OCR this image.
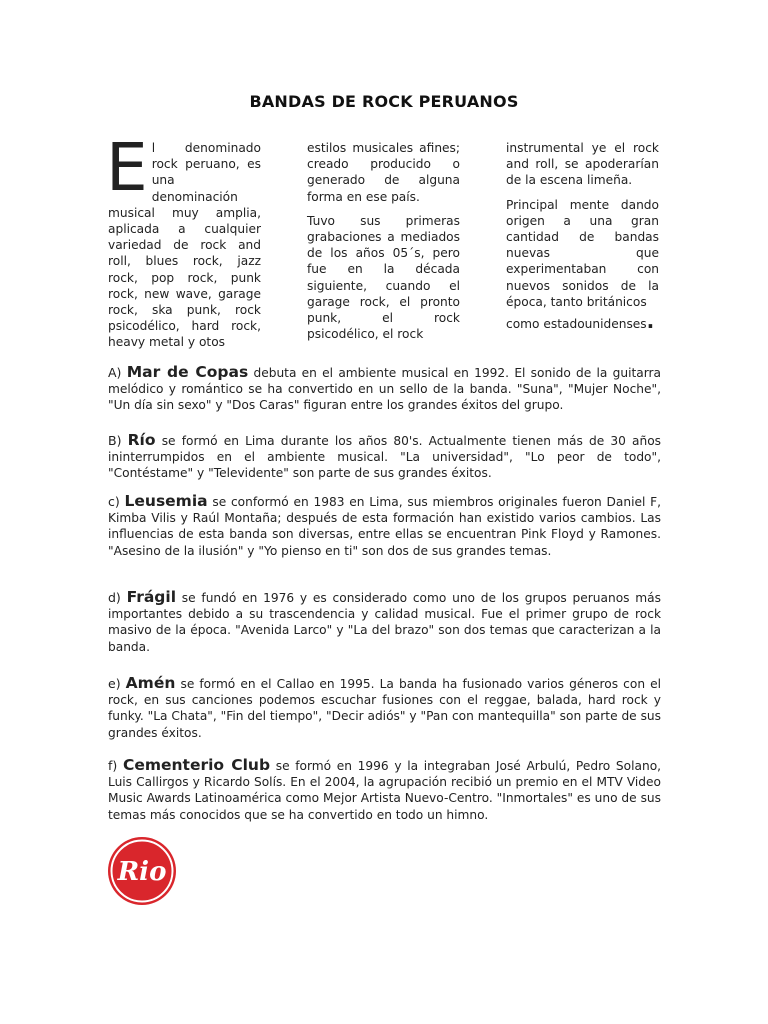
BANDAS DE ROCK PERUANOS

El denominado rock peruano, es una denominación musical muy amplia, aplicada a cualquier variedad de rock and roll, blues rock, jazz rock, pop rock, punk rock, new wave, garage rock, ska punk, rock psicodélico, hard rock, heavy metal y otos

estilos musicales afines; creado producido o generado de alguna forma en ese país.

Tuvo sus primeras grabaciones a mediados de los años 05´s, pero fue en la década siguiente, cuando el garage rock, el pronto punk, el rock psicodélico, el rock

instrumental ye el rock and roll, se apoderarían de la escena limeña.

Principal mente dando origen a una gran cantidad de bandas nuevas que experimentaban con nuevos sonidos de la época, tanto británicos
como estadounidenses.

A) Mar de Copas debuta en el ambiente musical en 1992. El sonido de la guitarra melódico y romántico se ha convertido en un sello de la banda. "Suna", "Mujer Noche", "Un día sin sexo" y "Dos Caras" figuran entre los grandes éxitos del grupo.
B) Río se formó en Lima durante los años 80's. Actualmente tienen más de 30 años ininterrumpidos en el ambiente musical. "La universidad", "Lo peor de todo", "Contéstame" y "Televidente" son parte de sus grandes éxitos.
c) Leusemia se conformó en 1983 en Lima, sus miembros originales fueron Daniel F, Kimba Vilis y Raúl Montaña; después de esta formación han existido varios cambios. Las influencias de esta banda son diversas, entre ellas se encuentran Pink Floyd y Ramones. "Asesino de la ilusión" y "Yo pienso en ti" son dos de sus grandes temas.
d) Frágil se fundó en 1976 y es considerado como uno de los grupos peruanos más importantes debido a su trascendencia y calidad musical. Fue el primer grupo de rock masivo de la época. "Avenida Larco" y "La del brazo" son dos temas que caracterizan a la banda.
e) Amén se formó en el Callao en 1995. La banda ha fusionado varios géneros con el rock, en sus canciones podemos escuchar fusiones con el reggae, balada, hard rock y funky. "La Chata", "Fin del tiempo", "Decir adiós" y "Pan con mantequilla" son parte de sus grandes éxitos.
f) Cementerio Club se formó en 1996 y la integraban José Arbulú, Pedro Solano, Luis Callirgos y Ricardo Solís. En el 2004, la agrupación recibió un premio en el MTV Video Music Awards Latinoamérica como Mejor Artista Nuevo-Centro. "Inmortales" es uno de sus temas más conocidos que se ha convertido en todo un himno.
Rio
